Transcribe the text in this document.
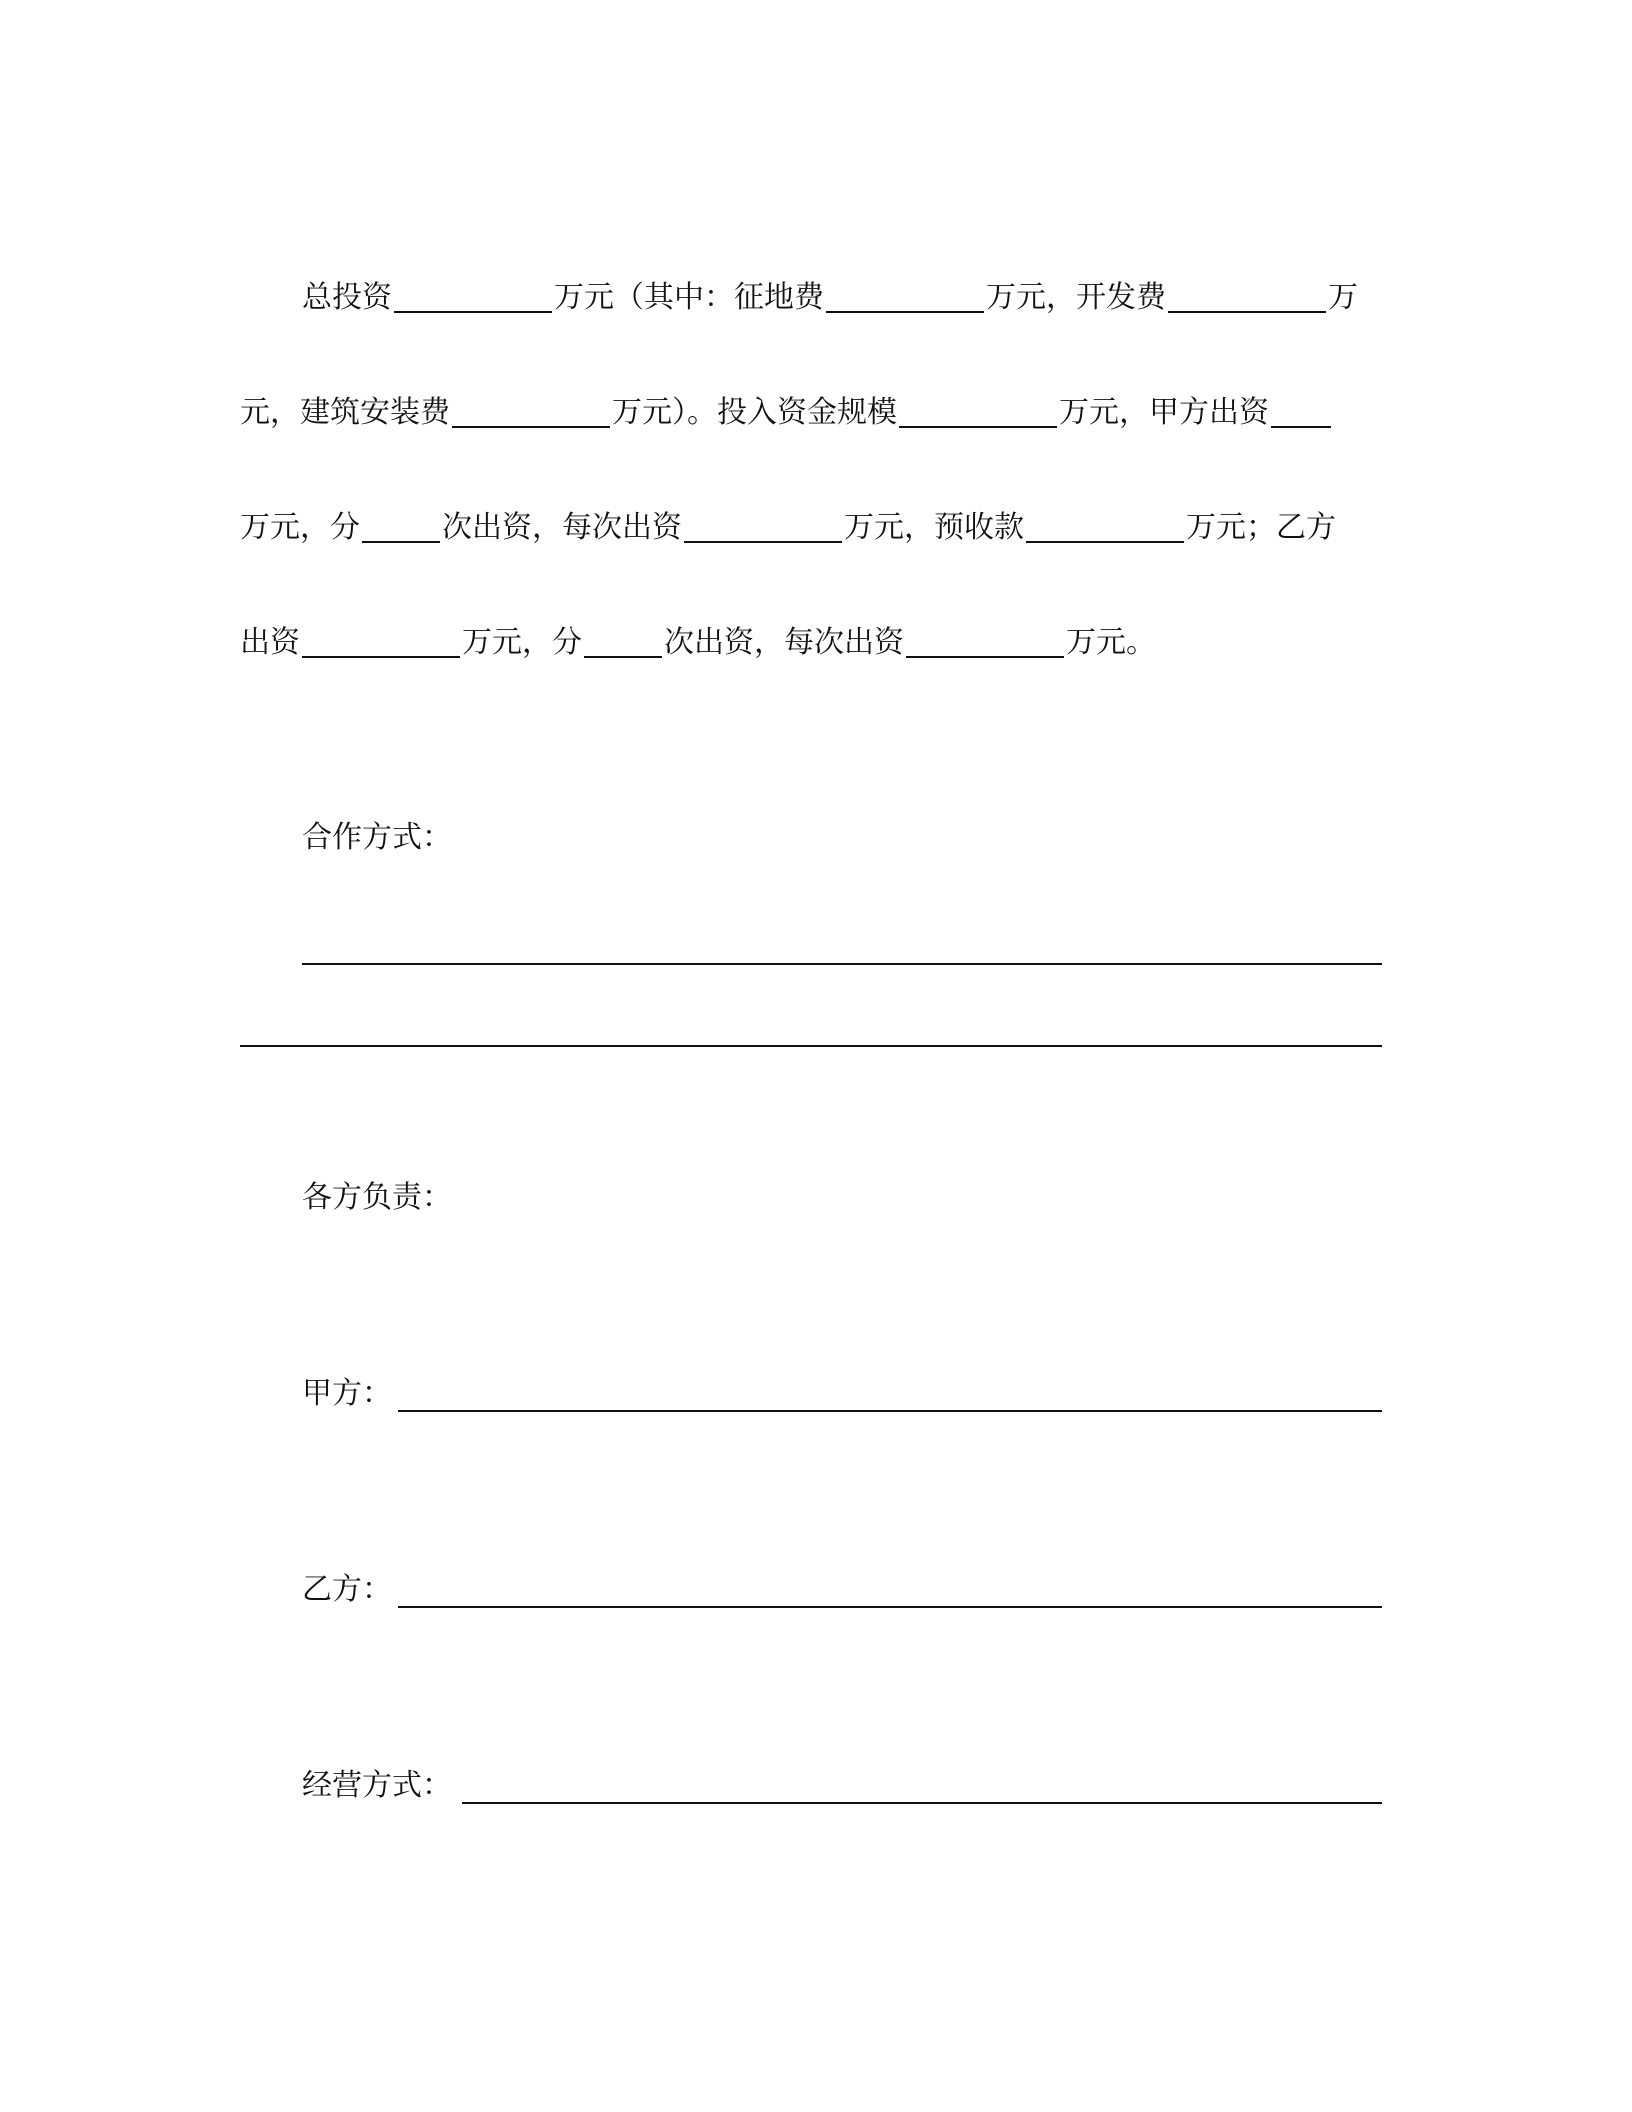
总投资	万元（其中：征地费	万元，开发费	万
元，建筑安装费	万元）。投入资金规模	万元，甲方出资
万元，分	次出资，每次出资	万元，预收款	万元；乙方
出资	万元，分	次出资，每次出资	万元。
合作方式：
各方负责：
甲方：
乙方：
经营方式：
